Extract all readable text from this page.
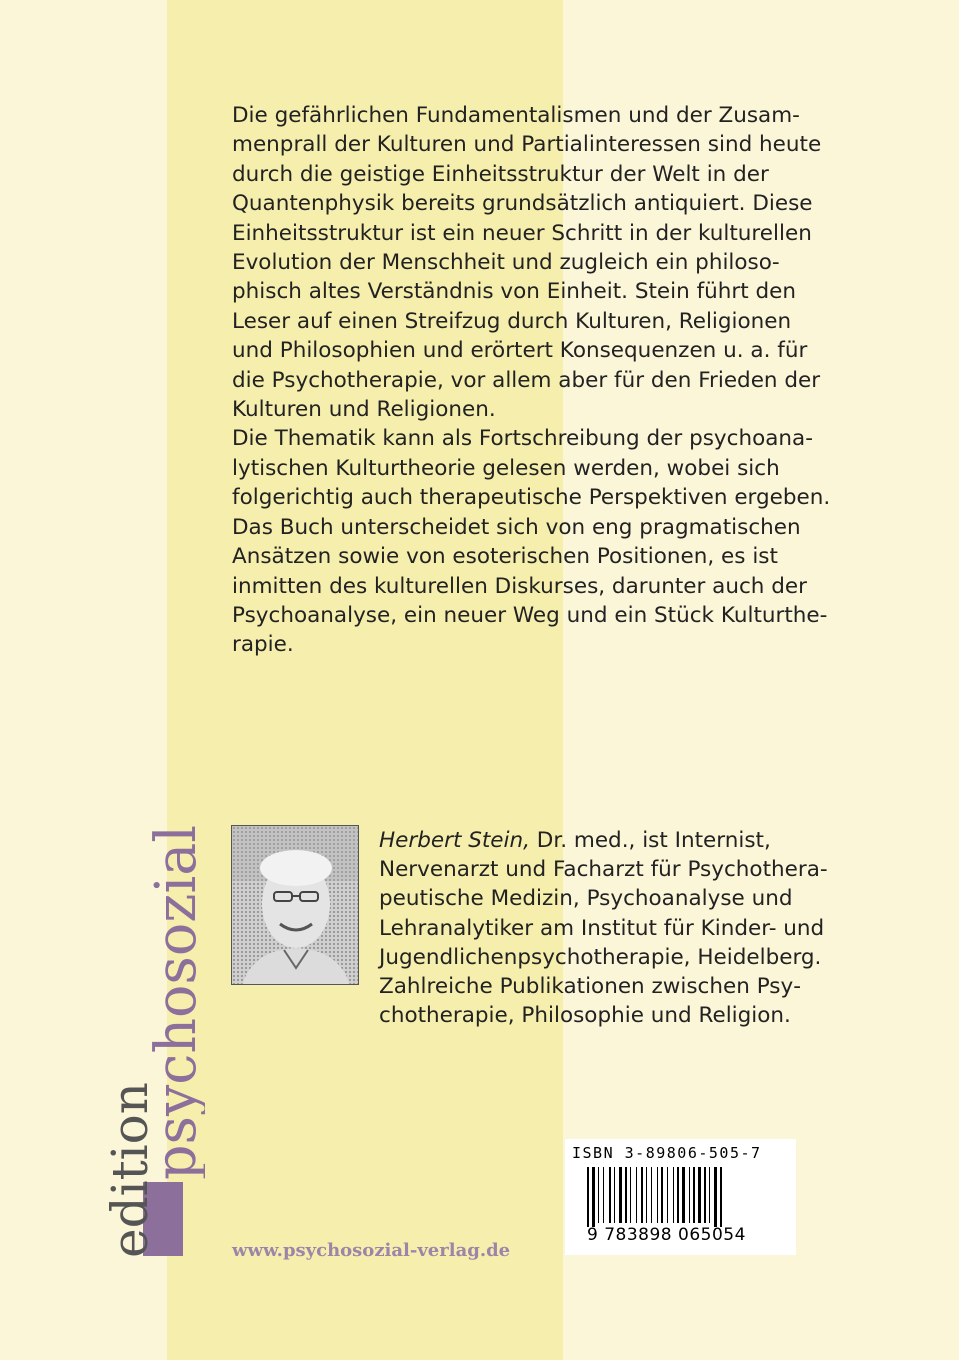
Die gefährlichen Fundamentalismen und der Zusammenprall der Kulturen und Partialinteressen sind heute durch die geistige Einheitsstruktur der Welt in der Quantenphysik bereits grundsätzlich antiquiert. Diese Einheitsstruktur ist ein neuer Schritt in der kulturellen Evolution der Menschheit und zugleich ein philosophisch altes Verständnis von Einheit. Stein führt den Leser auf einen Streifzug durch Kulturen, Religionen und Philosophien und erörtert Konsequenzen u. a. für die Psychotherapie, vor allem aber für den Frieden der Kulturen und Religionen.

Die Thematik kann als Fortschreibung der psychoanalytischen Kulturtheorie gelesen werden, wobei sich folgerichtig auch therapeutische Perspektiven ergeben. Das Buch unterscheidet sich von eng pragmatischen Ansätzen sowie von esoterischen Positionen, es ist inmitten des kulturellen Diskurses, darunter auch der Psychoanalyse, ein neuer Weg und ein Stück Kulturtherapie.

Herbert Stein, Dr. med., ist Internist, Nervenarzt und Facharzt für Psychotherapeutische Medizin, Psychoanalyse und Lehranalytiker am Institut für Kinder- und Jugendlichenpsychotherapie, Heidelberg. Zahlreiche Publikationen zwischen Psychotherapie, Philosophie und Religion.

edition
psychosozial
www.psychosozial-verlag.de
ISBN 3-89806-505-7
9 783898 065054
